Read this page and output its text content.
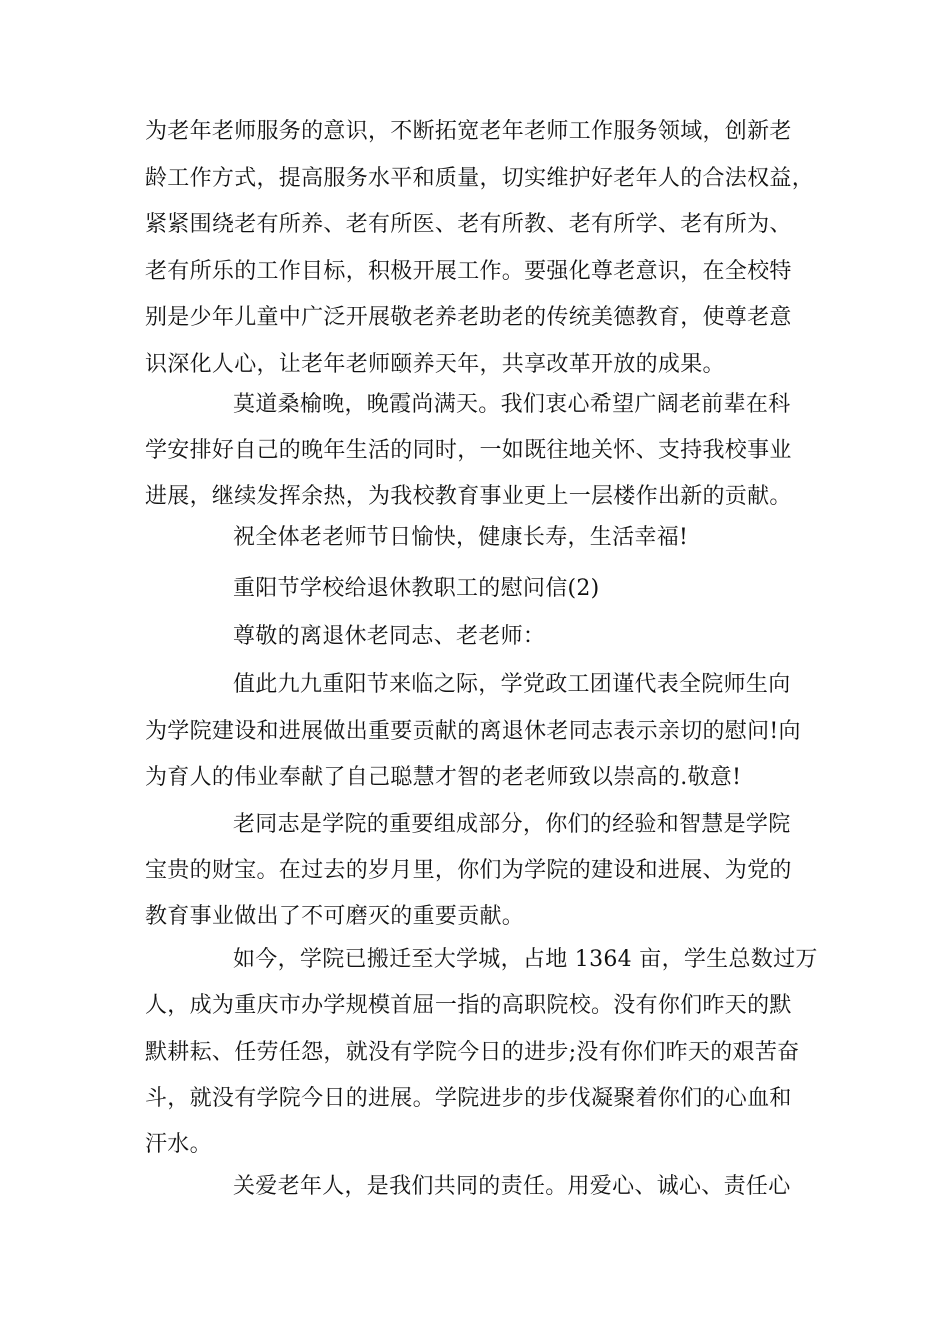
为老年老师服务的意识，不断拓宽老年老师工作服务领域，创新老
龄工作方式，提高服务水平和质量，切实维护好老年人的合法权益，
紧紧围绕老有所养、老有所医、老有所教、老有所学、老有所为、
老有所乐的工作目标，积极开展工作。要强化尊老意识，在全校特
别是少年儿童中广泛开展敬老养老助老的传统美德教育，使尊老意
识深化人心，让老年老师颐养天年，共享改革开放的成果。
莫道桑榆晚，晚霞尚满天。我们衷心希望广阔老前辈在科
学安排好自己的晚年生活的同时，一如既往地关怀、支持我校事业
进展，继续发挥余热，为我校教育事业更上一层楼作出新的贡献。
祝全体老老师节日愉快，健康长寿，生活幸福!
重阳节学校给退休教职工的慰问信(2)
尊敬的离退休老同志、老老师：
值此九九重阳节来临之际，学党政工团谨代表全院师生向
为学院建设和进展做出重要贡献的离退休老同志表示亲切的慰问!向
为育人的伟业奉献了自己聪慧才智的老老师致以崇高的.敬意!
老同志是学院的重要组成部分，你们的经验和智慧是学院
宝贵的财宝。在过去的岁月里，你们为学院的建设和进展、为党的
教育事业做出了不可磨灭的重要贡献。
如今，学院已搬迁至大学城，占地 1364 亩，学生总数过万
人，成为重庆市办学规模首屈一指的高职院校。没有你们昨天的默
默耕耘、任劳任怨，就没有学院今日的进步;没有你们昨天的艰苦奋
斗，就没有学院今日的进展。学院进步的步伐凝聚着你们的心血和
汗水。
关爱老年人，是我们共同的责任。用爱心、诚心、责任心
